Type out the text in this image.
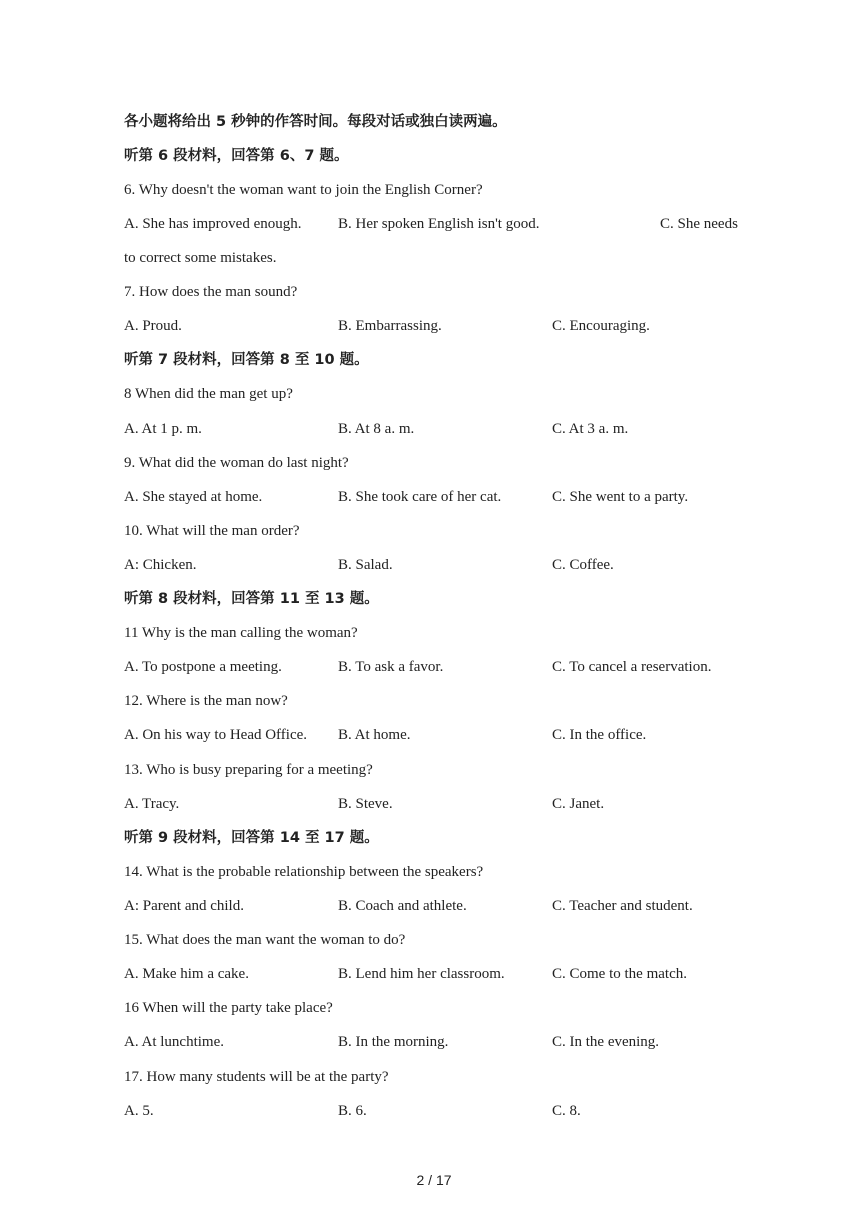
各小题将给出 5 秒钟的作答时间。每段对话或独白读两遍。
听第 6 段材料，回答第 6、7 题。
6. Why doesn't the woman want to join the English Corner?
A. She has improved enough. B. Her spoken English isn't good.	C. She needs
to correct some mistakes.
7. How does the man sound?
A. Proud.	B. Embarrassing.	C. Encouraging.
听第 7 段材料，回答第 8 至 10 题。
8 When did the man get up?
A. At 1 p. m.	B. At 8 a. m.	C. At 3 a. m.
9. What did the woman do last night?
A. She stayed at home.	B. She took care of her cat.	C. She went to a party.
10. What will the man order?
A: Chicken.	B. Salad.	C. Coffee.
听第 8 段材料，回答第 11 至 13 题。
11 Why is the man calling the woman?
A. To postpone a meeting.	B. To ask a favor.	C. To cancel a reservation.
12. Where is the man now?
A. On his way to Head Office. B. At home.	C. In the office.
13. Who is busy preparing for a meeting?
A. Tracy.	B. Steve.	C. Janet.
听第 9 段材料，回答第 14 至 17 题。
14. What is the probable relationship between the speakers?
A: Parent and child.	B. Coach and athlete.	C. Teacher and student.
15. What does the man want the woman to do?
A. Make him a cake.	B. Lend him her classroom.	C. Come to the match.
16 When will the party take place?
A. At lunchtime.	B. In the morning.	C. In the evening.
17. How many students will be at the party?
A. 5.	B. 6.	C. 8.
2 / 17
